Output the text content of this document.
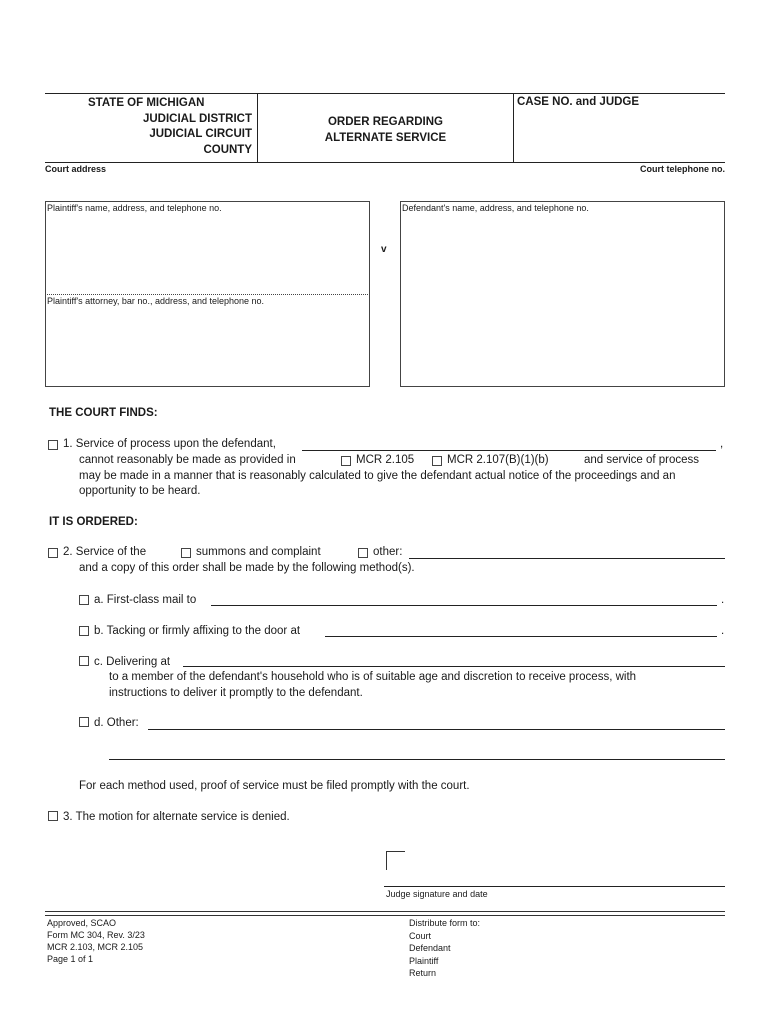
STATE OF MICHIGAN
JUDICIAL DISTRICT
JUDICIAL CIRCUIT
COUNTY
ORDER REGARDING
ALTERNATE SERVICE
CASE NO. and JUDGE
Court address	Court telephone no.
Plaintiff's name, address, and telephone no.
Plaintiff's attorney, bar no., address, and telephone no.
v
Defendant's name, address, and telephone no.
THE COURT FINDS:
1. Service of process upon the defendant,	,
cannot reasonably be made as provided in	MCR 2.105	MCR 2.107(B)(1)(b)	and service of process
may be made in a manner that is reasonably calculated to give the defendant actual notice of the proceedings and an
opportunity to be heard.
IT IS ORDERED:
2. Service of the	summons and complaint	other:
and a copy of this order shall be made by the following method(s).
a. First-class mail to	.
b. Tacking or firmly affixing to the door at	.
c. Delivering at
to a member of the defendant's household who is of suitable age and discretion to receive process, with
instructions to deliver it promptly to the defendant.
d. Other:
For each method used, proof of service must be filed promptly with the court.
3. The motion for alternate service is denied.
Judge signature and date
Approved, SCAO
Form MC 304, Rev. 3/23
MCR 2.103, MCR 2.105
Page 1 of 1
Distribute form to:
Court
Defendant
Plaintiff
Return
